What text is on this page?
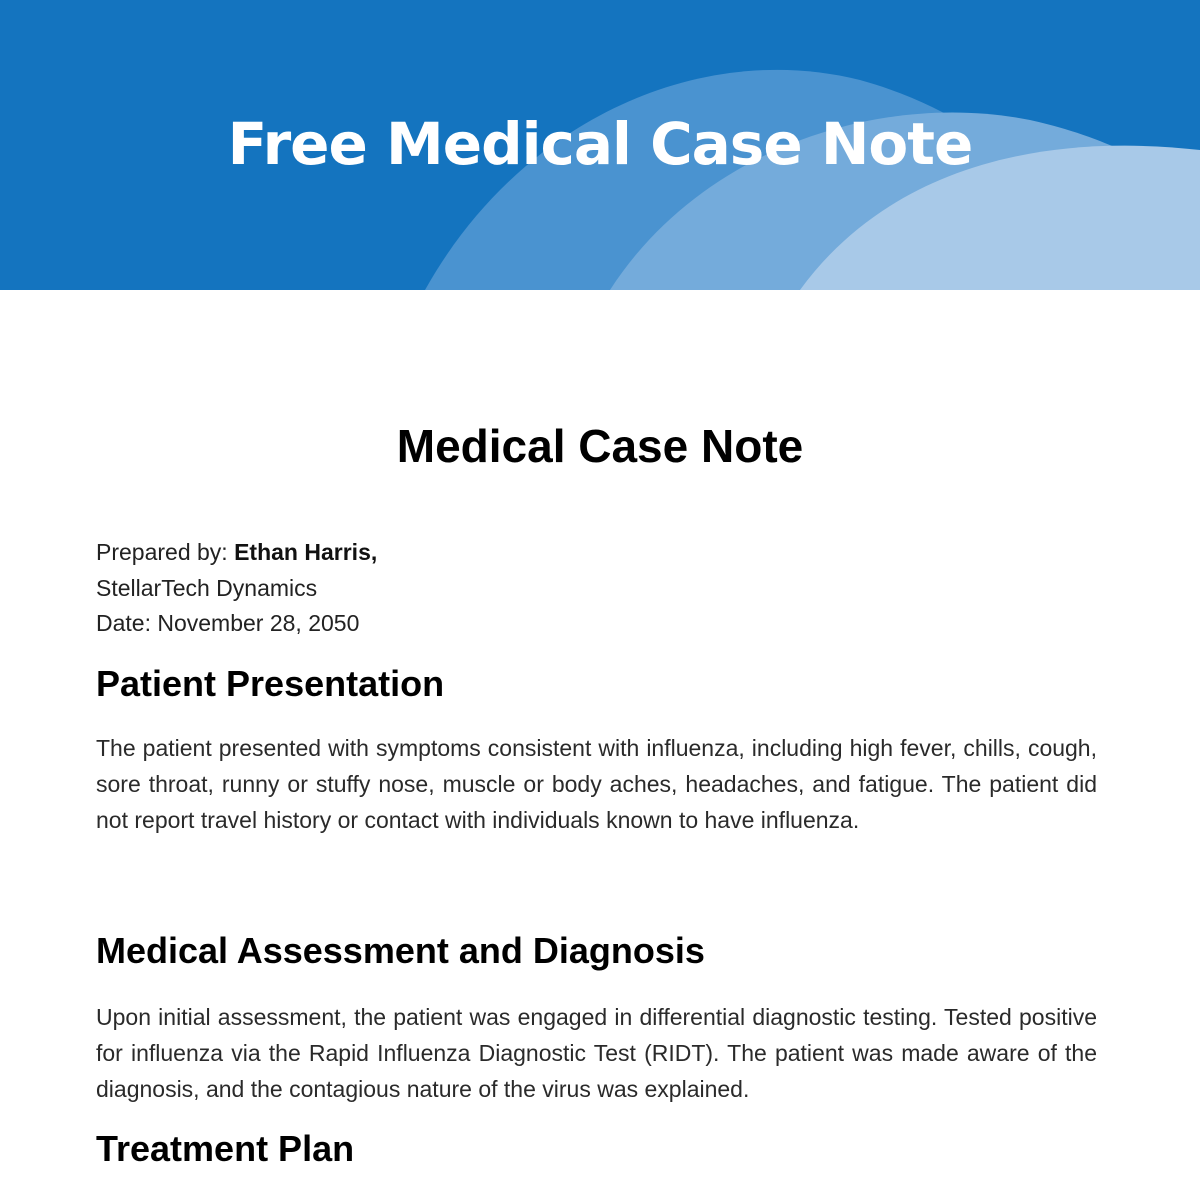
Free Medical Case Note
Medical Case Note
Prepared by: Ethan Harris,
StellarTech Dynamics
Date: November 28, 2050
Patient Presentation

The patient presented with symptoms consistent with influenza, including high fever, chills, cough, sore throat, runny or stuffy nose, muscle or body aches, headaches, and fatigue. The patient did not report travel history or contact with individuals known to have influenza.

Medical Assessment and Diagnosis

Upon initial assessment, the patient was engaged in differential diagnostic testing. Tested positive for influenza via the Rapid Influenza Diagnostic Test (RIDT). The patient was made aware of the diagnosis, and the contagious nature of the virus was explained.

Treatment Plan
